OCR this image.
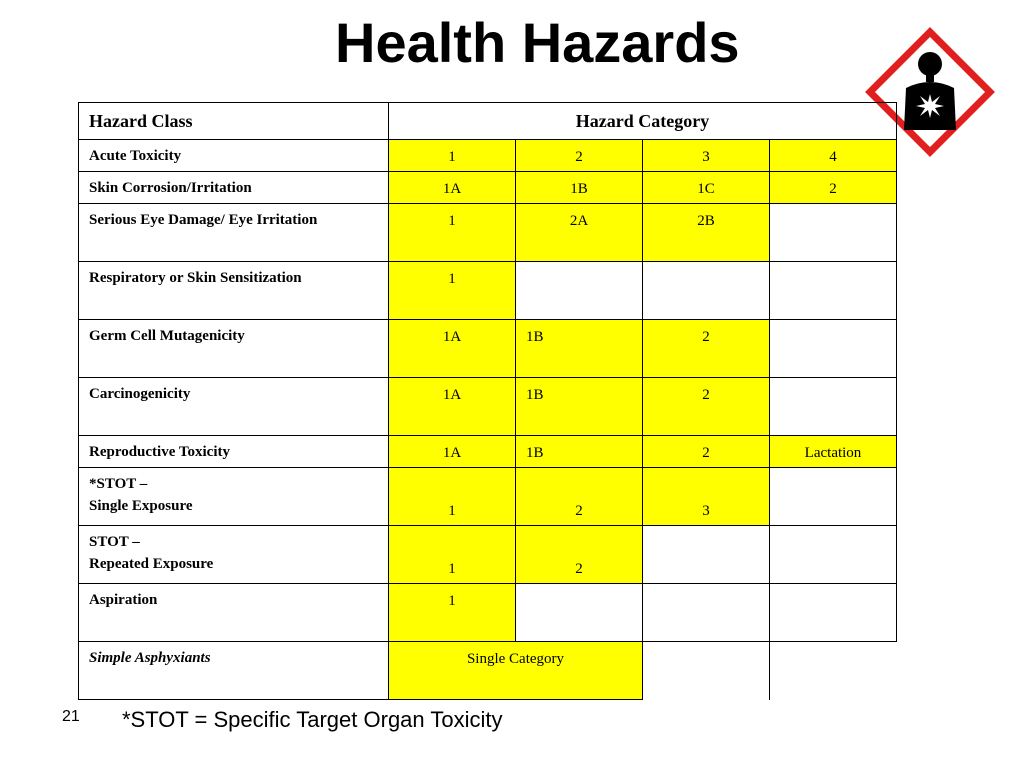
Health Hazards
Hazard Class	Hazard Category			
Acute Toxicity	1	2	3	4
Skin Corrosion/Irritation	1A	1B	1C	2
Serious Eye Damage/ Eye Irritation	1	2A	2B	
Respiratory or Skin Sensitization	1			
Germ Cell Mutagenicity	1A	1B	2	
Carcinogenicity	1A	1B	2	
Reproductive Toxicity	1A	1B	2	Lactation

*STOT –
Single Exposure	1	2	3	

STOT –
Repeated Exposure	1	2		
Aspiration	1			
Simple Asphyxiants	Single Category			
21 *STOT = Specific Target Organ Toxicity
